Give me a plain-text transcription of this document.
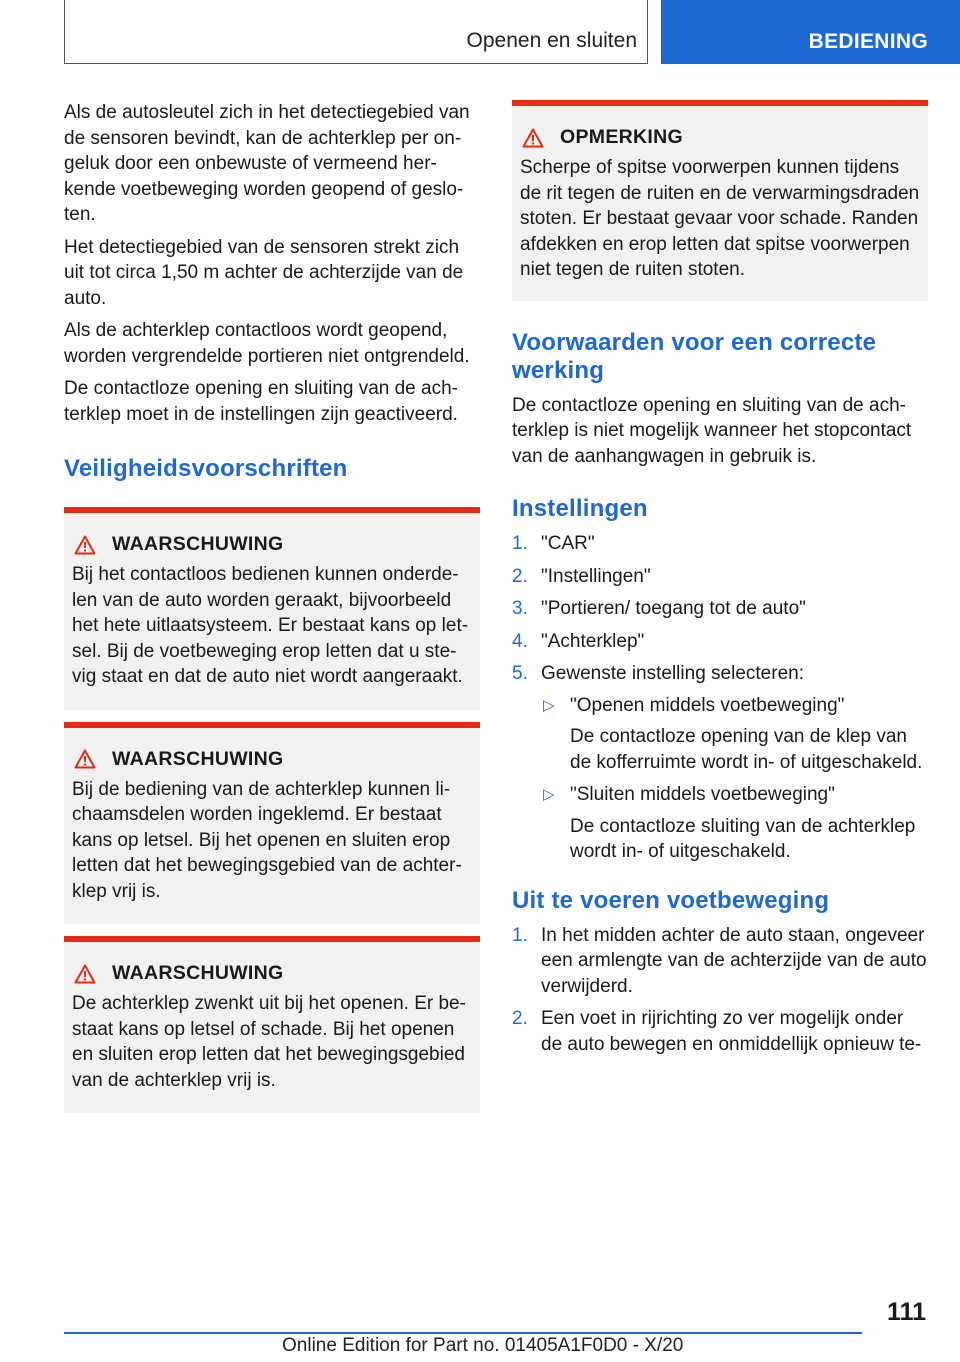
Openen en sluiten	BEDIENING

Als de autosleutel zich in het detectiegebied van de sensoren bevindt, kan de achterklep per ongeluk door een onbewuste of vermeend herkende voetbeweging worden geopend of gesloten.

Het detectiegebied van de sensoren strekt zich uit tot circa 1,50 m achter de achterzijde van de auto.

Als de achterklep contactloos wordt geopend, worden vergrendelde portieren niet ontgrendeld.

De contactloze opening en sluiting van de achterklep moet in de instellingen zijn geactiveerd.

Veiligheidsvoorschriften
WAARSCHUWING

Bij het contactloos bedienen kunnen onderdelen van de auto worden geraakt, bijvoorbeeld het hete uitlaatsysteem. Er bestaat kans op letsel. Bij de voetbeweging erop letten dat u stevig staat en dat de auto niet wordt aangeraakt.

WAARSCHUWING

Bij de bediening van de achterklep kunnen lichaamsdelen worden ingeklemd. Er bestaat kans op letsel. Bij het openen en sluiten erop letten dat het bewegingsgebied van de achterklep vrij is.

WAARSCHUWING

De achterklep zwenkt uit bij het openen. Er bestaat kans op letsel of schade. Bij het openen en sluiten erop letten dat het bewegingsgebied van de achterklep vrij is.

OPMERKING

Scherpe of spitse voorwerpen kunnen tijdens de rit tegen de ruiten en de verwarmingsdraden stoten. Er bestaat gevaar voor schade. Randen afdekken en erop letten dat spitse voorwerpen niet tegen de ruiten stoten.

Voorwaarden voor een correcte werking

De contactloze opening en sluiting van de achterklep is niet mogelijk wanneer het stopcontact van de aanhangwagen in gebruik is.

Instellingen
1. "CAR"
2. "Instellingen"
3. "Portieren/ toegang tot de auto"
4. "Achterklep"
5. Gewenste instelling selecteren:
▷ "Openen middels voetbeweging"
De contactloze opening van de klep van de kofferruimte wordt in- of uitgeschakeld.
▷ "Sluiten middels voetbeweging"
De contactloze sluiting van de achterklep wordt in- of uitgeschakeld.
Uit te voeren voetbeweging
1. In het midden achter de auto staan, ongeveer een armlengte van de achterzijde van de auto verwijderd.
2. Een voet in rijrichting zo ver mogelijk onder de auto bewegen en onmiddellijk opnieuw te-
111
Online Edition for Part no. 01405A1F0D0 - X/20
